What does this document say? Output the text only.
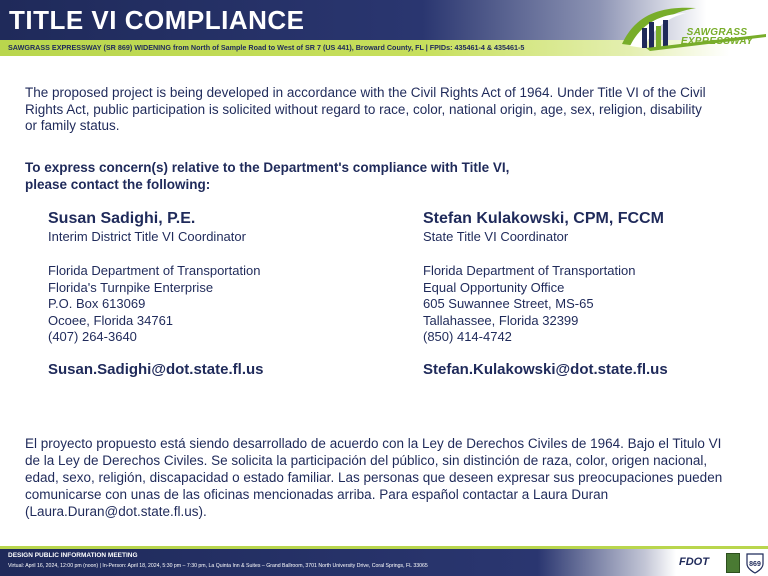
TITLE VI COMPLIANCE
SAWGRASS EXPRESSWAY (SR 869) WIDENING from North of Sample Road to West of SR 7 (US 441), Broward County, FL | FPIDs: 435461-4 & 435461-5
SAWGRASS
EXPRESSWAY

The proposed project is being developed in accordance with the Civil Rights Act of 1964. Under Title VI of the Civil Rights Act, public participation is solicited without regard to race, color, national origin, age, sex, religion, disability or family status.

To express concern(s) relative to the Department's compliance with Title VI,
please contact the following:
Susan Sadighi, P.E.
Interim District Title VI Coordinator
Florida Department of Transportation
Florida's Turnpike Enterprise
P.O. Box 613069
Ocoee, Florida 34761
(407) 264-3640
Susan.Sadighi@dot.state.fl.us
Stefan Kulakowski, CPM, FCCM
State Title VI Coordinator
Florida Department of Transportation
Equal Opportunity Office
605 Suwannee Street, MS-65
Tallahassee, Florida 32399
(850) 414-4742
Stefan.Kulakowski@dot.state.fl.us

El proyecto propuesto está siendo desarrollado de acuerdo con la Ley de Derechos Civiles de 1964. Bajo el Titulo VI de la Ley de Derechos Civiles. Se solicita la participación del público, sin distinción de raza, color, origen nacional, edad, sexo, religión, discapacidad o estado familiar. Las personas que deseen expresar sus preocupaciones pueden comunicarse con unas de las oficinas mencionadas arriba. Para español contactar a Laura Duran (Laura.Duran@dot.state.fl.us).

DESIGN PUBLIC INFORMATION MEETING
Virtual: April 16, 2024, 12:00 pm (noon) | In-Person: April 18, 2024, 5:30 pm – 7:30 pm, La Quinta Inn & Suites – Grand Ballroom, 3701 North University Drive, Coral Springs, FL 33065	FDOT	869
